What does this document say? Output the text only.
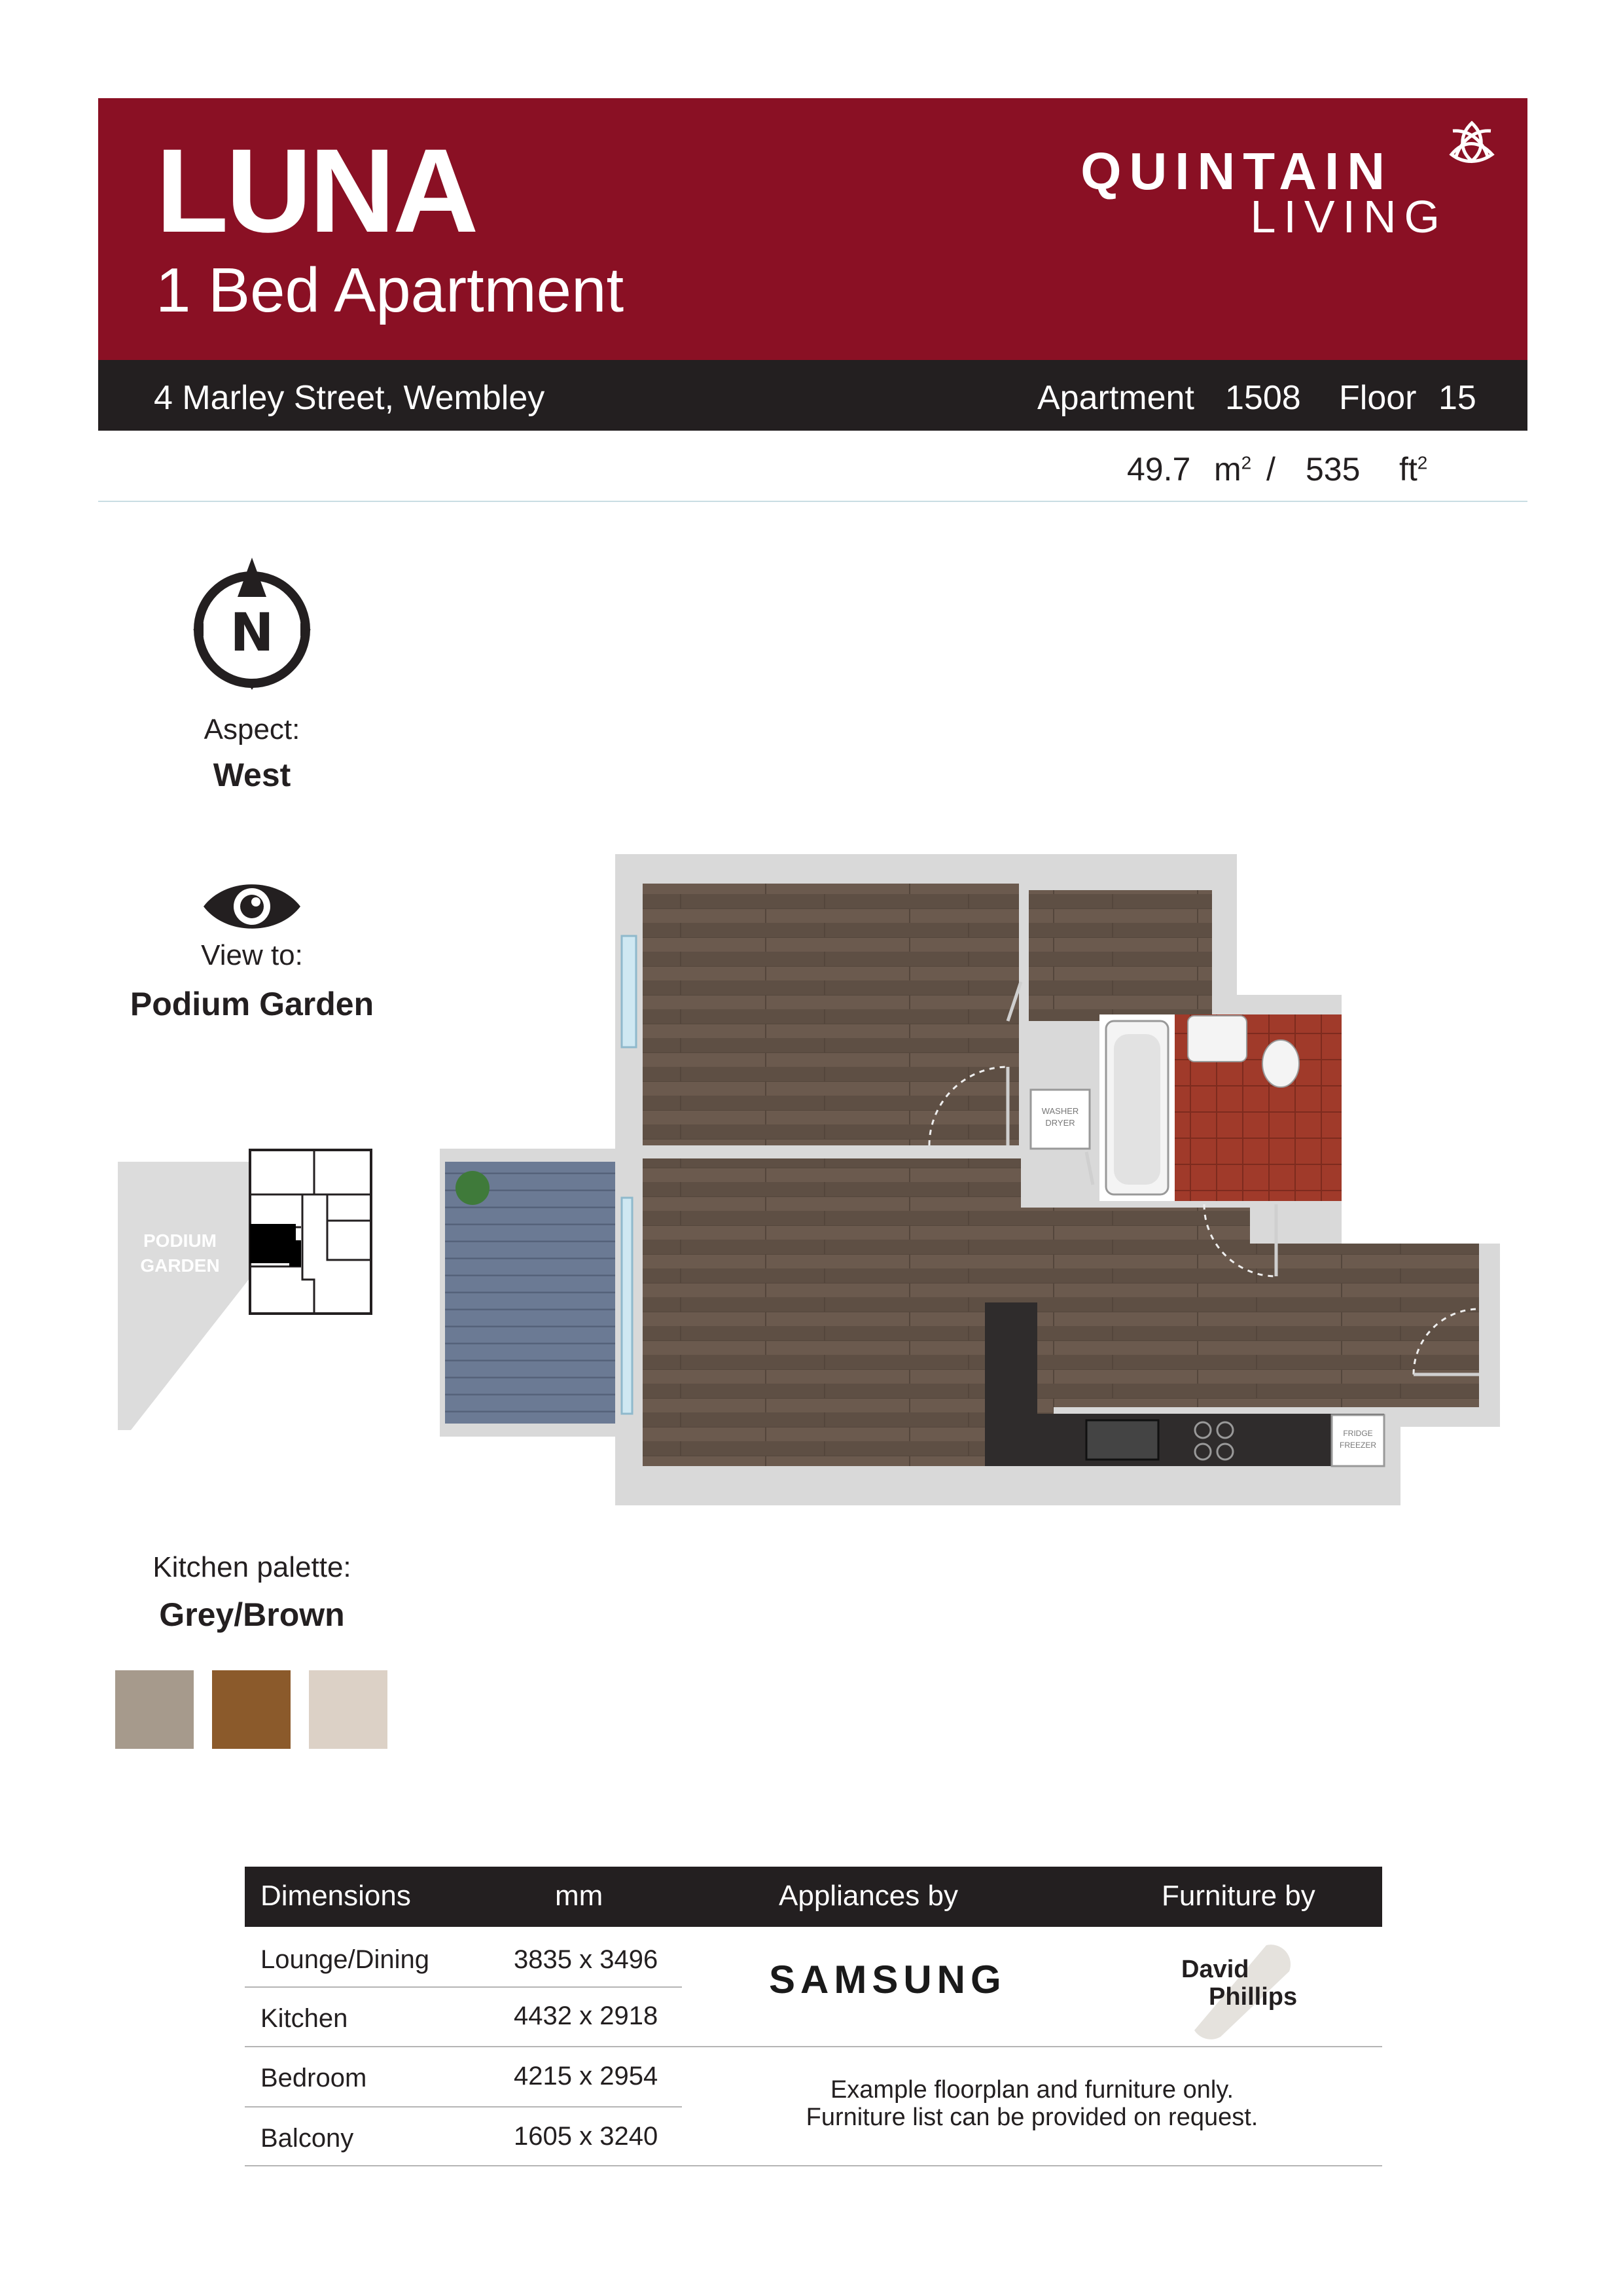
LUNA
1 Bed Apartment
QUINTAIN
LIVING
4 Marley Street, Wembley	Apartment 1508 Floor 15
49.7 $m^2 / 535$ $ft^2$
N
Aspect:
West
View to:
Podium Garden
PODIUM
GARDEN
WASHER
DRYER
FRIDGE
FREEZER
Kitchen palette:
Grey/Brown
Dimensions	mm	Appliances by	Furniture by
Lounge/Dining	3835 x 3496
Kitchen	4432 x 2918
Bedroom	4215 x 2954
Balcony	1605 x 3240
SAMSUNG	David
Phillips
Example floorplan and furniture only.
Furniture list can be provided on request.
